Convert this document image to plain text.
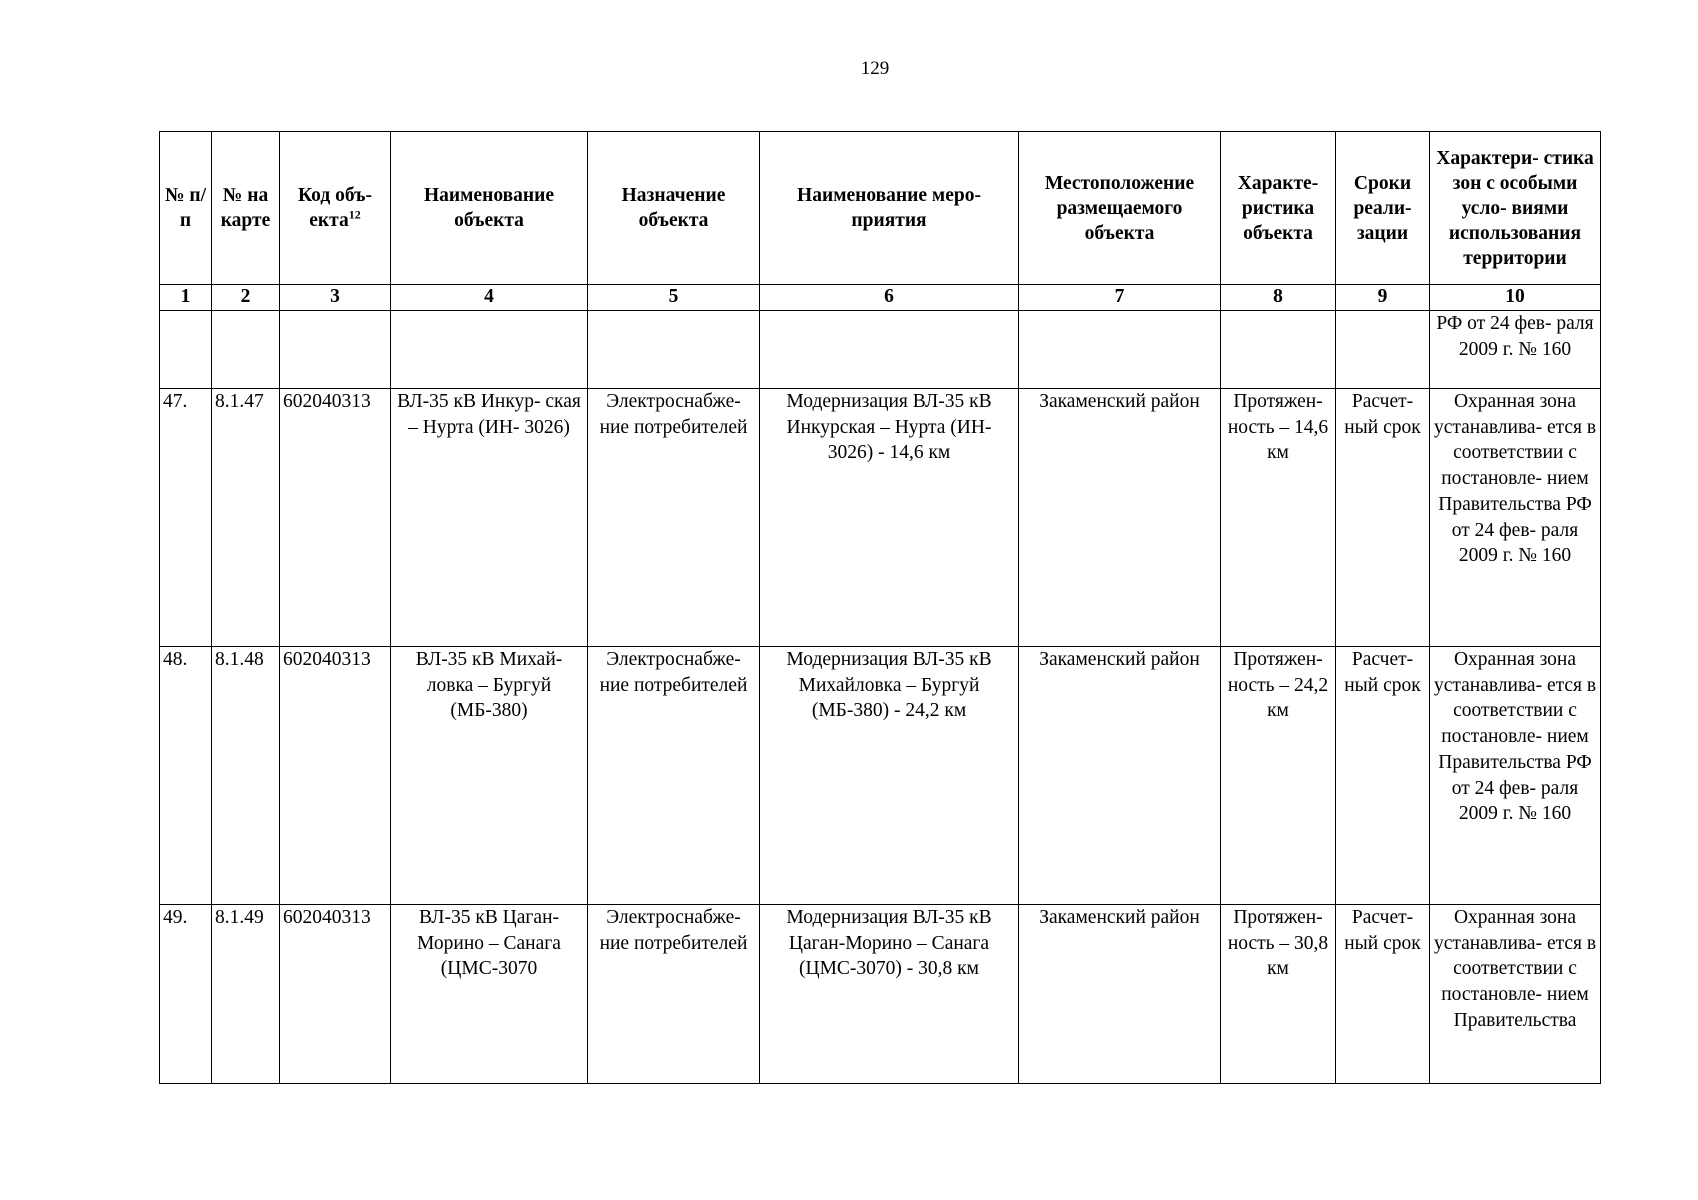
129
№ п/п	№ на карте	Код объ- екта$^{12}$	Наименование объекта	Назначение объекта	Наименование меро- приятия	Местоположение размещаемого объекта	Характе- ристика объекта	Сроки реали- зации	Характери- стика зон с особыми усло- виями использования территории
1	2	3	4	5	6	7	8	9	10
									РФ от 24 фев- раля 2009 г. № 160
47.	8.1.47	602040313	ВЛ-35 кВ Инкур- ская – Нурта (ИН- 3026)	Электроснабже- ние потребителей	Модернизация ВЛ-35 кВ Инкурская – Нурта (ИН- 3026) - 14,6 км	Закаменский район	Протяжен- ность – 14,6 км	Расчет- ный срок	Охранная зона устанавлива- ется в соответствии с постановле- нием Правительства РФ от 24 фев- раля 2009 г. № 160
48.	8.1.48	602040313	ВЛ-35 кВ Михай- ловка – Бургуй (МБ-380)	Электроснабже- ние потребителей	Модернизация ВЛ-35 кВ Михайловка – Бургуй (МБ-380) - 24,2 км	Закаменский район	Протяжен- ность – 24,2 км	Расчет- ный срок	Охранная зона устанавлива- ется в соответствии с постановле- нием Правительства РФ от 24 фев- раля 2009 г. № 160
49.	8.1.49	602040313	ВЛ-35 кВ Цаган- Морино – Санага (ЦМС-3070	Электроснабже- ние потребителей	Модернизация ВЛ-35 кВ Цаган-Морино – Санага (ЦМС-3070) - 30,8 км	Закаменский район	Протяжен- ность – 30,8 км	Расчет- ный срок	Охранная зона устанавлива- ется в соответствии с постановле- нием Правительства
